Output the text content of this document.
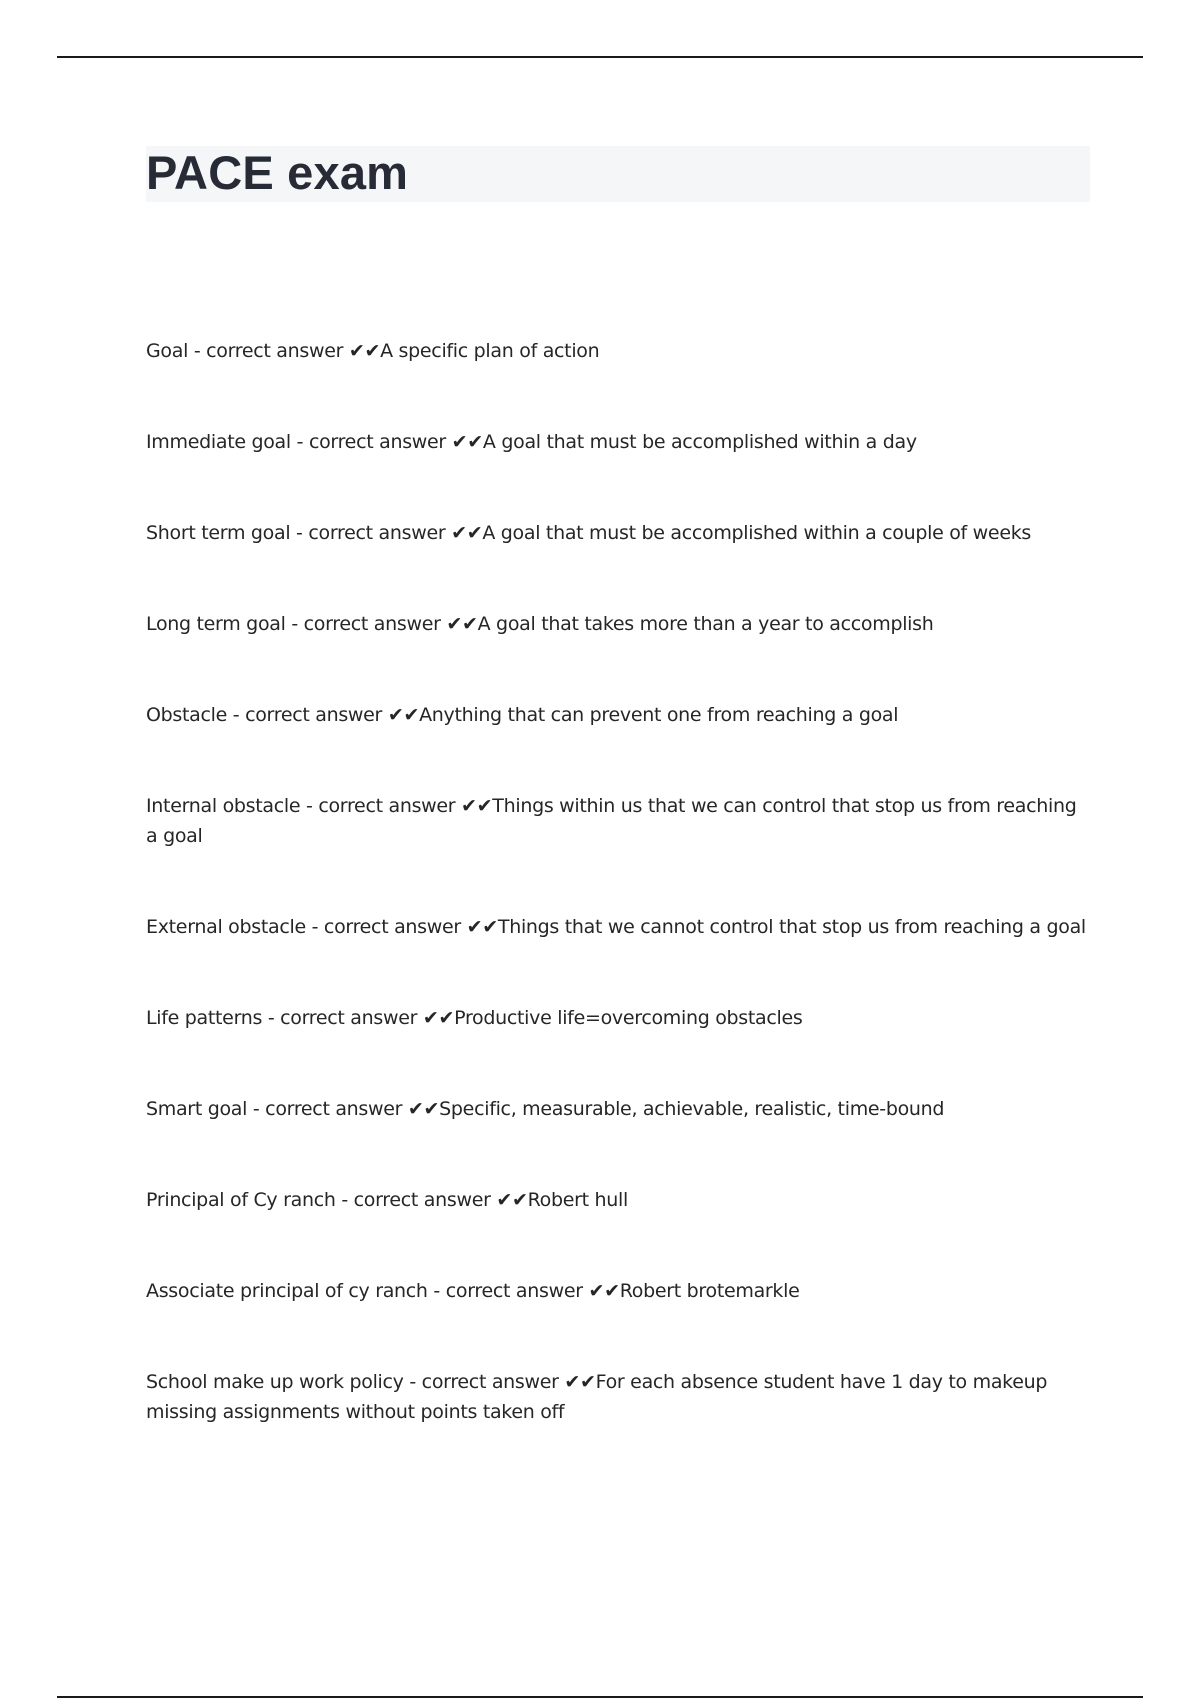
PACE exam
Goal - correct answer ✔✔A specific plan of action
Immediate goal - correct answer ✔✔A goal that must be accomplished within a day
Short term goal - correct answer ✔✔A goal that must be accomplished within a couple of weeks
Long term goal - correct answer ✔✔A goal that takes more than a year to accomplish
Obstacle - correct answer ✔✔Anything that can prevent one from reaching a goal
Internal obstacle - correct answer ✔✔Things within us that we can control that stop us from reaching a goal
External obstacle - correct answer ✔✔Things that we cannot control that stop us from reaching a goal
Life patterns - correct answer ✔✔Productive life=overcoming obstacles
Smart goal - correct answer ✔✔Specific, measurable, achievable, realistic, time-bound
Principal of Cy ranch - correct answer ✔✔Robert hull
Associate principal of cy ranch - correct answer ✔✔Robert brotemarkle
School make up work policy - correct answer ✔✔For each absence student have 1 day to makeup missing assignments without points taken off
